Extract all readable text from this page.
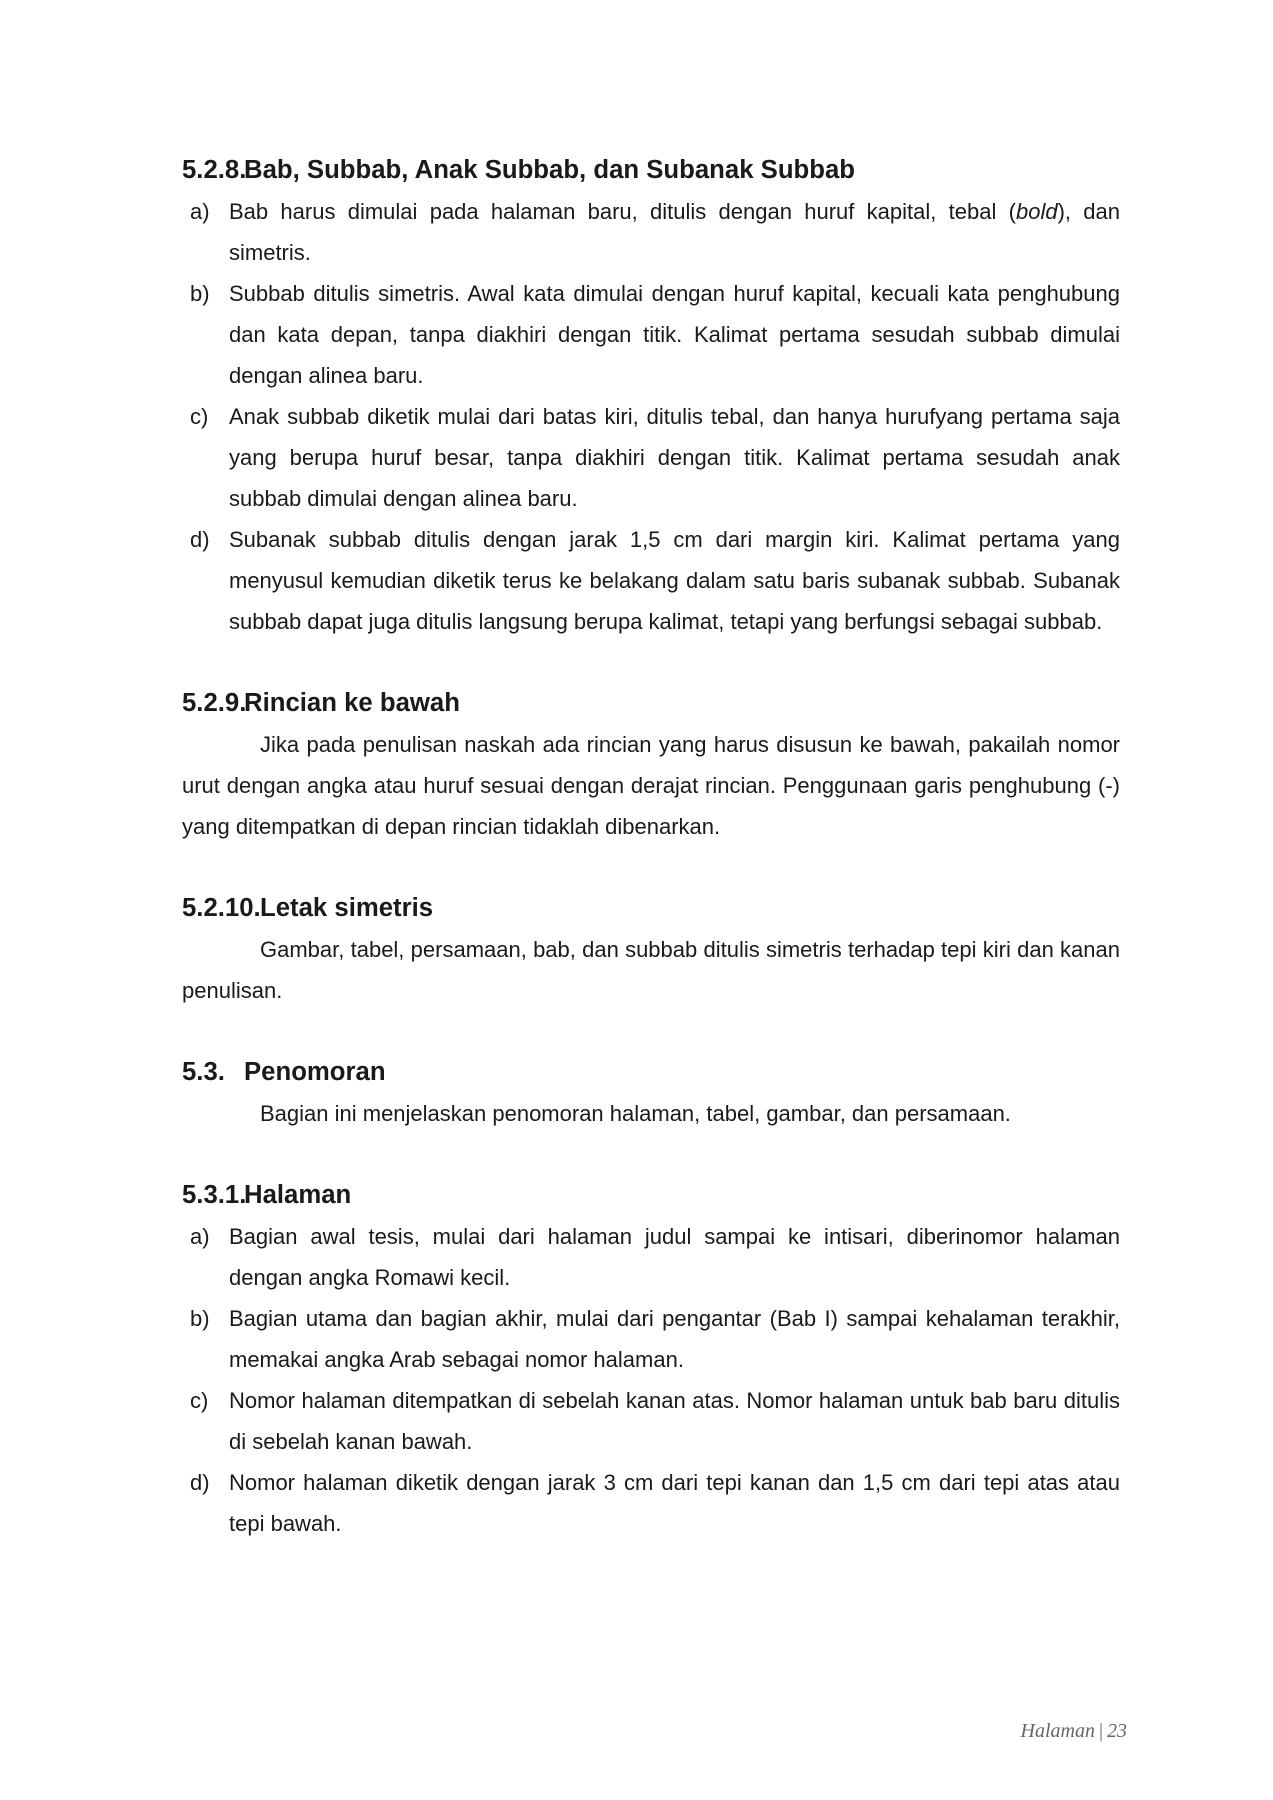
5.2.8.Bab, Subbab, Anak Subbab, dan Subanak Subbab
a) Bab harus dimulai pada halaman baru, ditulis dengan huruf kapital, tebal (bold), dan simetris.
b) Subbab ditulis simetris. Awal kata dimulai dengan huruf kapital, kecuali kata penghubung dan kata depan, tanpa diakhiri dengan titik. Kalimat pertama sesudah subbab dimulai dengan alinea baru.
c) Anak subbab diketik mulai dari batas kiri, ditulis tebal, dan hanya hurufyang pertama saja yang berupa huruf besar, tanpa diakhiri dengan titik. Kalimat pertama sesudah anak subbab dimulai dengan alinea baru.
d) Subanak subbab ditulis dengan jarak 1,5 cm dari margin kiri. Kalimat pertama yang menyusul kemudian diketik terus ke belakang dalam satu baris subanak subbab. Subanak subbab dapat juga ditulis langsung berupa kalimat, tetapi yang berfungsi sebagai subbab.
5.2.9.Rincian ke bawah

Jika pada penulisan naskah ada rincian yang harus disusun ke bawah, pakailah nomor urut dengan angka atau huruf sesuai dengan derajat rincian. Penggunaan garis penghubung (-) yang ditempatkan di depan rincian tidaklah dibenarkan.

5.2.10.Letak simetris

Gambar, tabel, persamaan, bab, dan subbab ditulis simetris terhadap tepi kiri dan kanan penulisan.

5.3. Penomoran

Bagian ini menjelaskan penomoran halaman, tabel, gambar, dan persamaan.

5.3.1.Halaman
a) Bagian awal tesis, mulai dari halaman judul sampai ke intisari, diberinomor halaman dengan angka Romawi kecil.
b) Bagian utama dan bagian akhir, mulai dari pengantar (Bab I) sampai kehalaman terakhir, memakai angka Arab sebagai nomor halaman.
c) Nomor halaman ditempatkan di sebelah kanan atas. Nomor halaman untuk bab baru ditulis di sebelah kanan bawah.
d) Nomor halaman diketik dengan jarak 3 cm dari tepi kanan dan 1,5 cm dari tepi atas atau tepi bawah.
Halaman | 23
